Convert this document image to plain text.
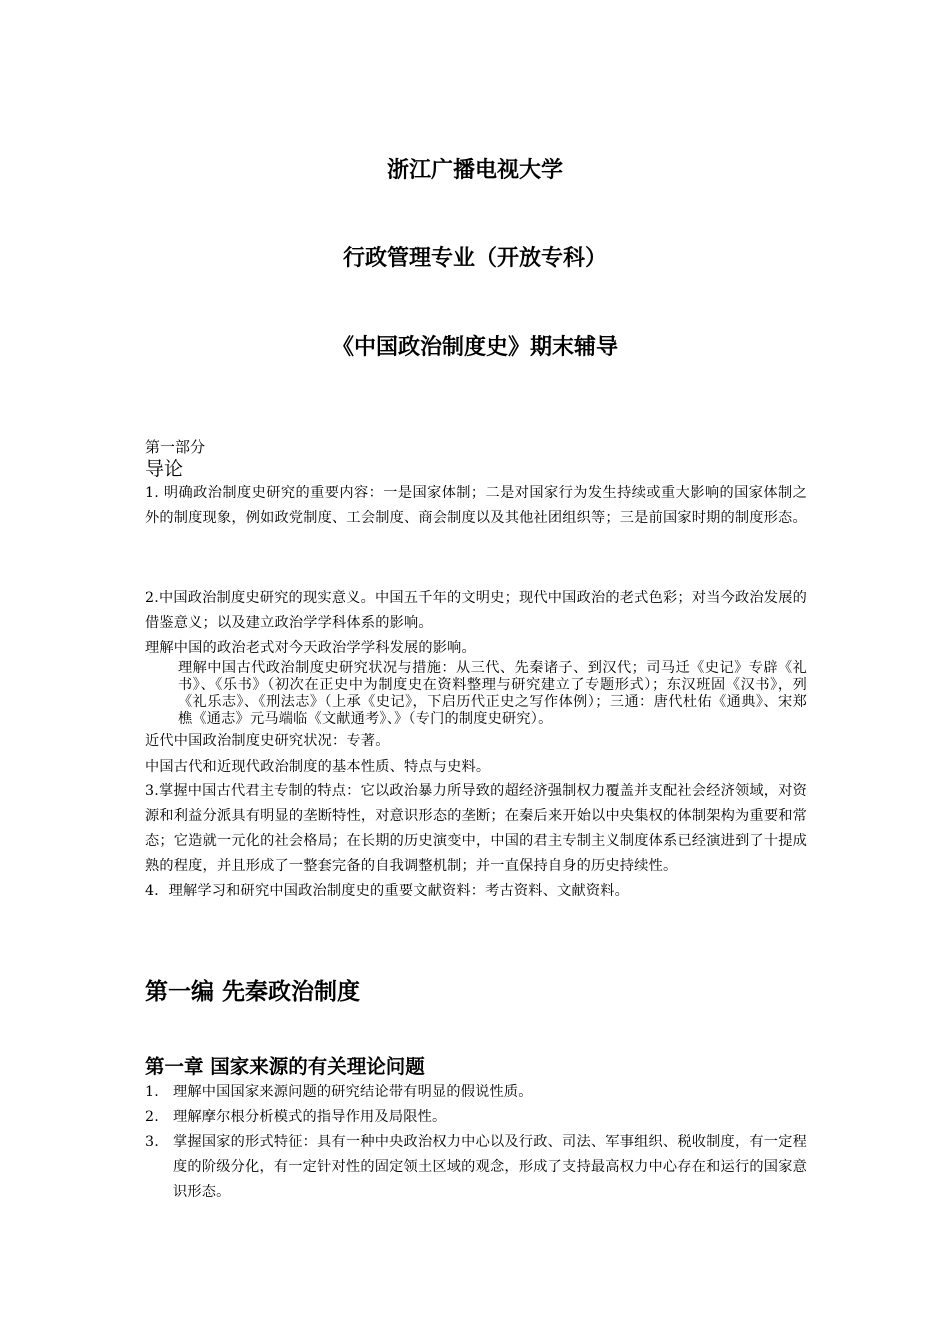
浙江广播电视大学
行政管理专业（开放专科）
《中国政治制度史》期末辅导

第一部分

导论

1. 明确政治制度史研究的重要内容：一是国家体制；二是对国家行为发生持续或重大影响的国家体制之外的制度现象，例如政党制度、工会制度、商会制度以及其他社团组织等；三是前国家时期的制度形态。

2.中国政治制度史研究的现实意义。中国五千年的文明史；现代中国政治的老式色彩；对当今政治发展的借鉴意义；以及建立政治学学科体系的影响。

理解中国的政治老式对今天政治学学科发展的影响。

理解中国古代政治制度史研究状况与措施：从三代、先秦诸子、到汉代；司马迁《史记》专辟《礼书》、《乐书》（初次在正史中为制度史在资料整理与研究建立了专题形式）；东汉班固《汉书》，列《礼乐志》、《刑法志》（上承《史记》，下启历代正史之写作体例）；三通：唐代杜佑《通典》、宋郑樵《通志》元马端临《文献通考》、》（专门的制度史研究）。

近代中国政治制度史研究状况：专著。

中国古代和近现代政治制度的基本性质、特点与史料。

3.掌握中国古代君主专制的特点：它以政治暴力所导致的超经济强制权力覆盖并支配社会经济领域，对资源和利益分派具有明显的垄断特性，对意识形态的垄断；在秦后来开始以中央集权的体制架构为重要和常态；它造就一元化的社会格局；在长期的历史演变中，中国的君主专制主义制度体系已经演进到了十提成熟的程度，并且形成了一整套完备的自我调整机制；并一直保持自身的历史持续性。

4．理解学习和研究中国政治制度史的重要文献资料：考古资料、文献资料。

第一编 先秦政治制度
第一章 国家来源的有关理论问题
1. 理解中国国家来源问题的研究结论带有明显的假说性质。
2. 理解摩尔根分析模式的指导作用及局限性。
3. 掌握国家的形式特征：具有一种中央政治权力中心以及行政、司法、军事组织、税收制度，有一定程度的阶级分化，有一定针对性的固定领土区域的观念，形成了支持最高权力中心存在和运行的国家意识形态。
